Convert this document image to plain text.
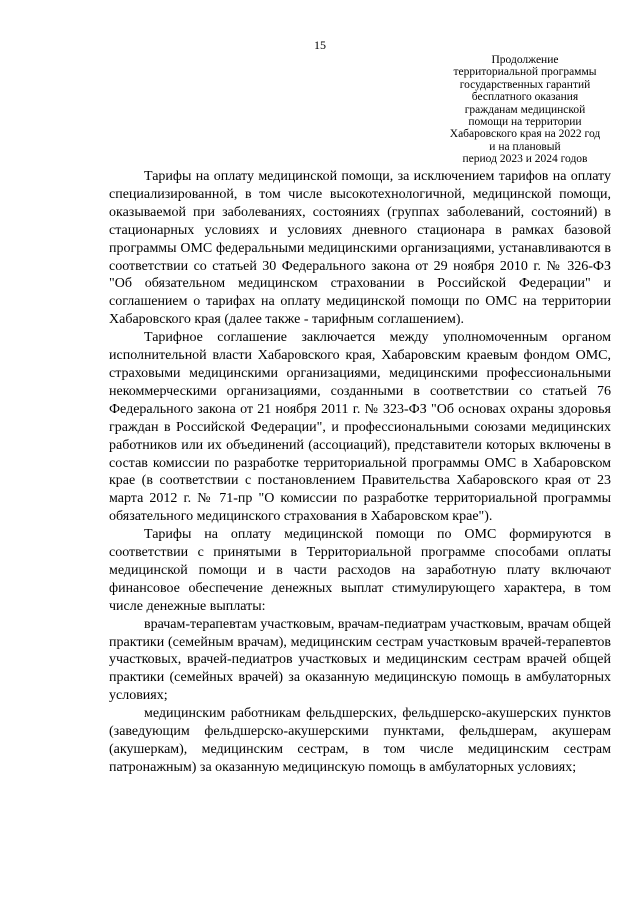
15
Продолжение
территориальной программы
государственных гарантий
бесплатного оказания
гражданам медицинской
помощи на территории
Хабаровского края на 2022 год
и на плановый
период 2023 и 2024 годов

Тарифы на оплату медицинской помощи, за исключением тарифов на оплату специализированной, в том числе высокотехнологичной, медицинской помощи, оказываемой при заболеваниях, состояниях (группах заболеваний, состояний) в стационарных условиях и условиях дневного стационара в рамках базовой программы ОМС федеральными медицинскими организациями, устанавливаются в соответствии со статьей 30 Федерального закона от 29 ноября 2010 г. № 326-ФЗ "Об обязательном медицинском страховании в Российской Федерации" и соглашением о тарифах на оплату медицинской помощи по ОМС на территории Хабаровского края (далее также - тарифным соглашением).

Тарифное соглашение заключается между уполномоченным органом исполнительной власти Хабаровского края, Хабаровским краевым фондом ОМС, страховыми медицинскими организациями, медицинскими профессиональными некоммерческими организациями, созданными в соответствии со статьей 76 Федерального закона от 21 ноября 2011 г. № 323-ФЗ "Об основах охраны здоровья граждан в Российской Федерации", и профессиональными союзами медицинских работников или их объединений (ассоциаций), представители которых включены в состав комиссии по разработке территориальной программы ОМС в Хабаровском крае (в соответствии с постановлением Правительства Хабаровского края от 23 марта 2012 г. № 71-пр "О комиссии по разработке территориальной программы обязательного медицинского страхования в Хабаровском крае").

Тарифы на оплату медицинской помощи по ОМС формируются в соответствии с принятыми в Территориальной программе способами оплаты медицинской помощи и в части расходов на заработную плату включают финансовое обеспечение денежных выплат стимулирующего характера, в том числе денежные выплаты:

врачам-терапевтам участковым, врачам-педиатрам участковым, врачам общей практики (семейным врачам), медицинским сестрам участковым врачей-терапевтов участковых, врачей-педиатров участковых и медицинским сестрам врачей общей практики (семейных врачей) за оказанную медицинскую помощь в амбулаторных условиях;

медицинским работникам фельдшерских, фельдшерско-акушерских пунктов (заведующим фельдшерско-акушерскими пунктами, фельдшерам, акушерам (акушеркам), медицинским сестрам, в том числе медицинским сестрам патронажным) за оказанную медицинскую помощь в амбулаторных условиях;
